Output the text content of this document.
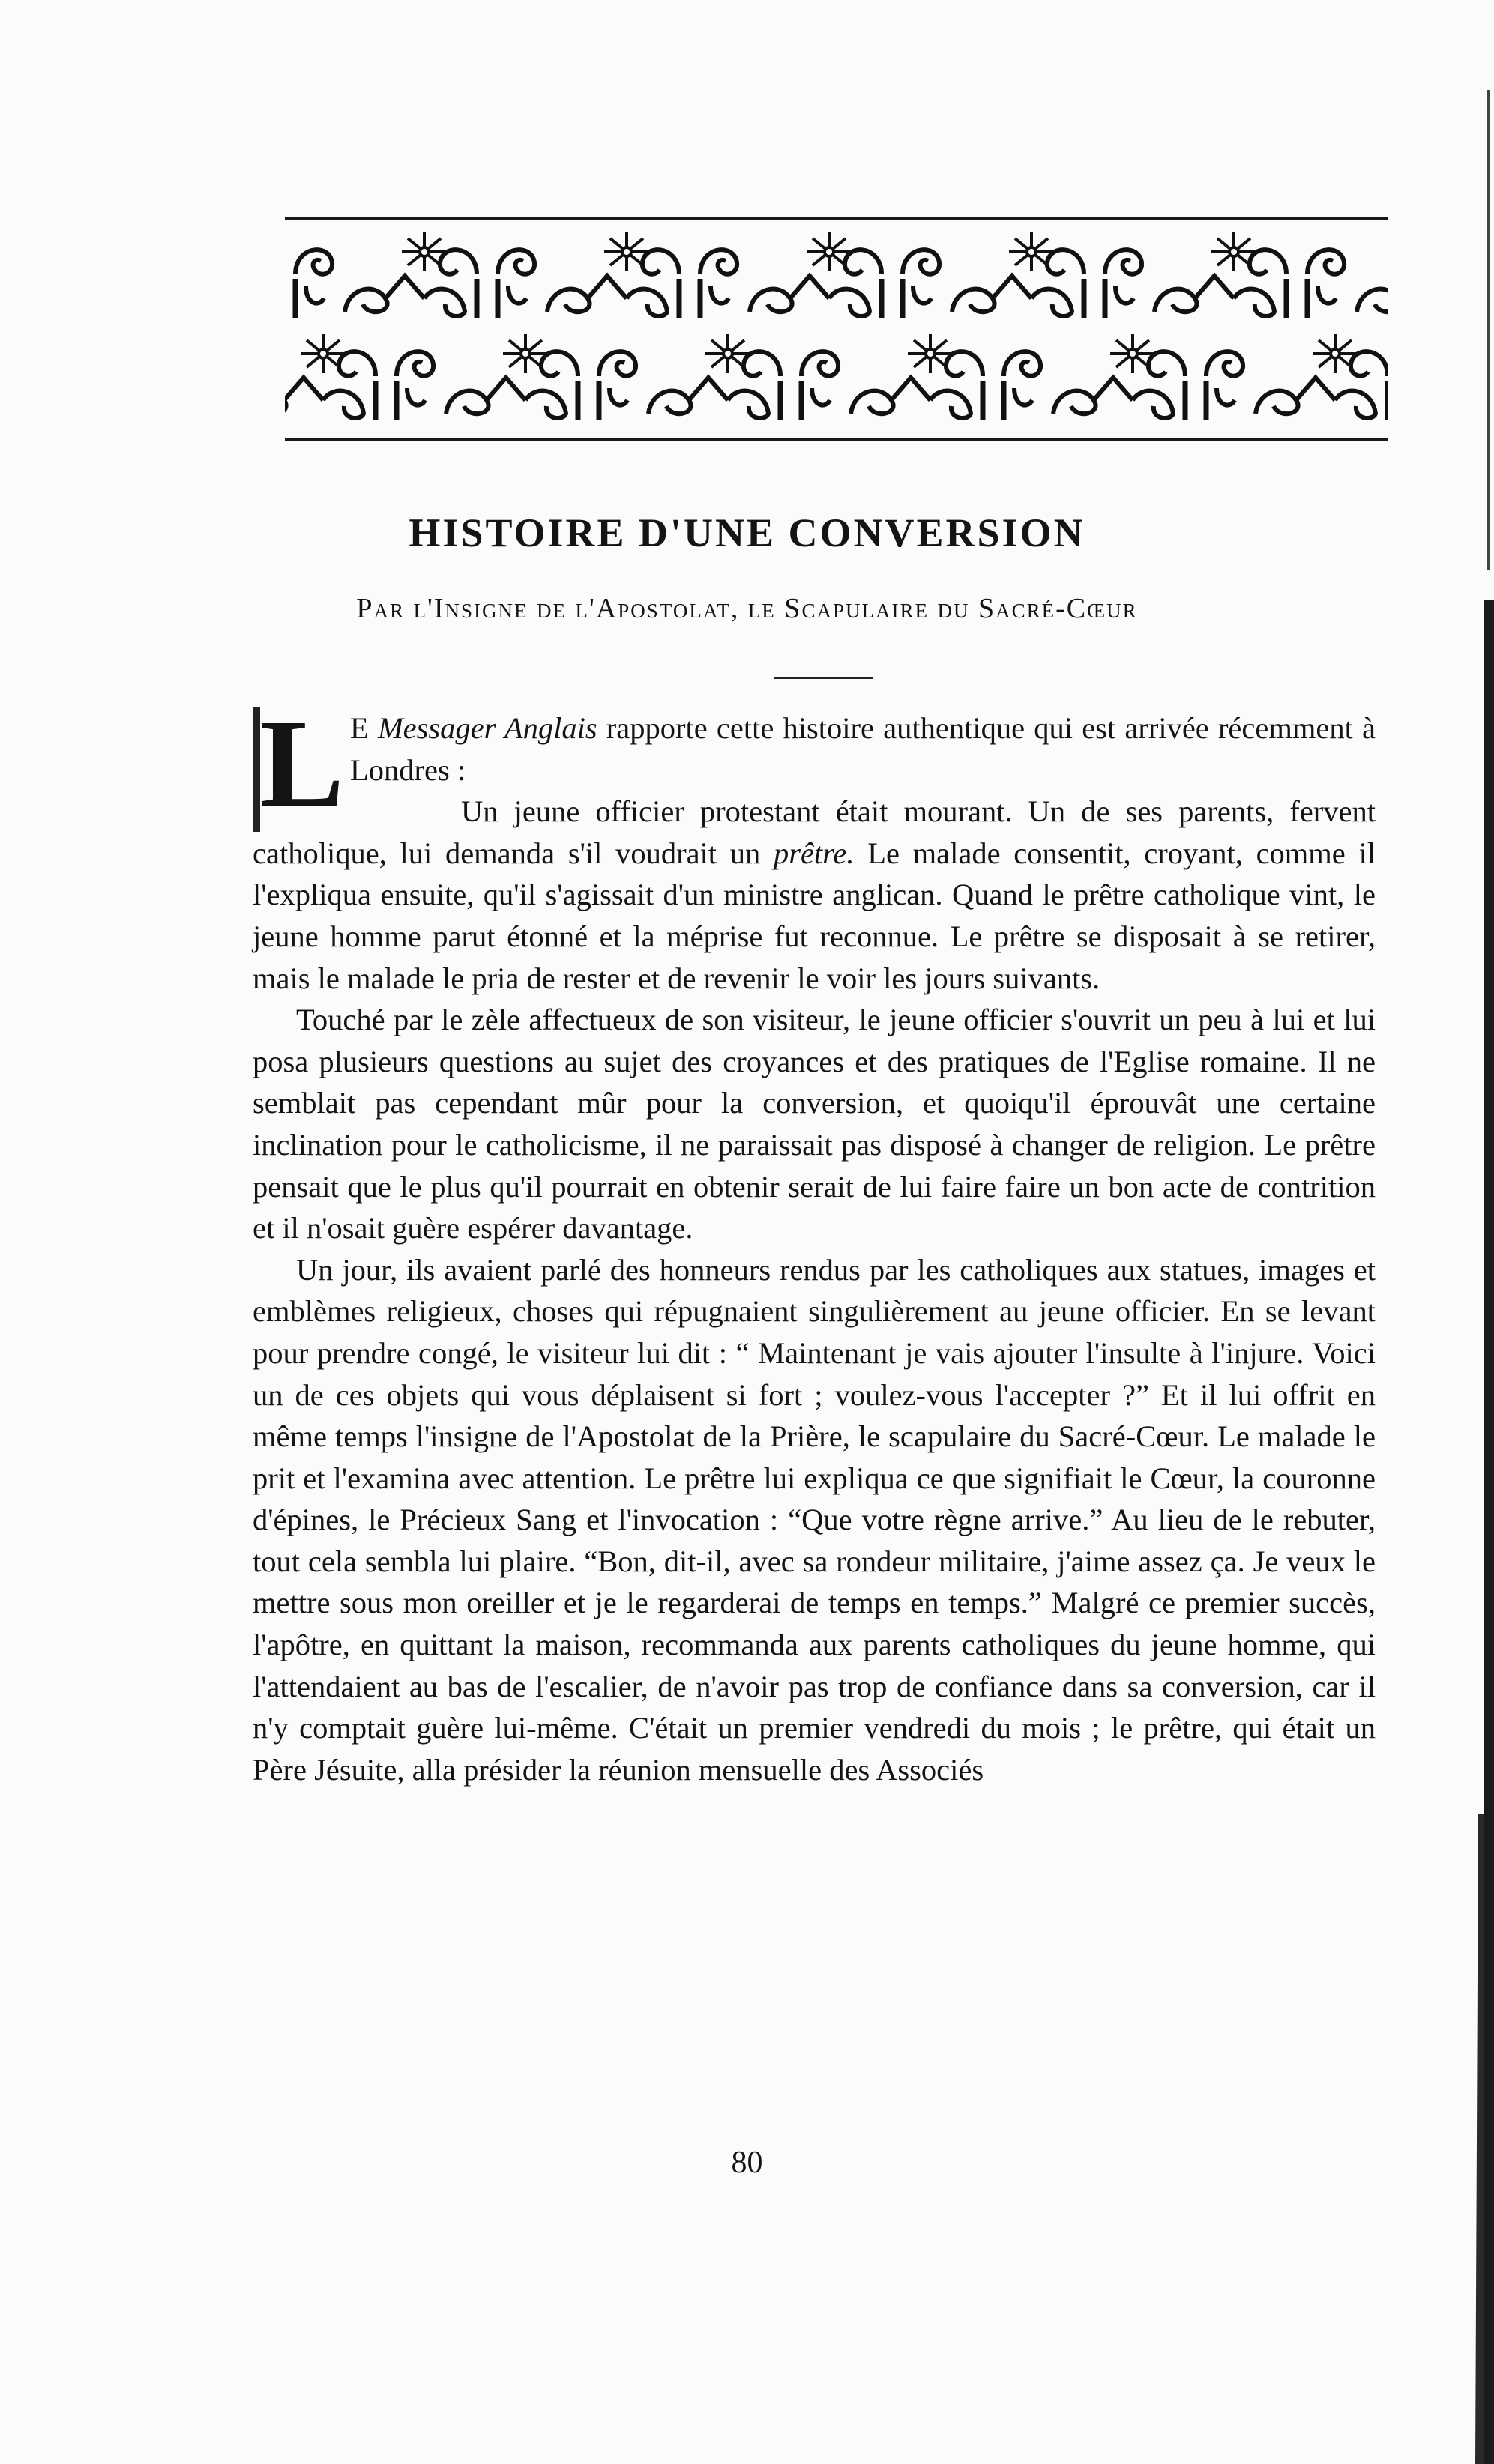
HISTOIRE D'UNE CONVERSION
Par l'Insigne de l'Apostolat, le Scapulaire du Sacré-Cœur

L E Messager Anglais rapporte cette histoire authentique qui est arrivée récemment à Londres :

Un jeune officier protestant était mourant. Un de ses parents, fervent catholique, lui demanda s'il voudrait un prêtre. Le malade consentit, croyant, comme il l'expliqua ensuite, qu'il s'agissait d'un ministre anglican. Quand le prêtre catholique vint, le jeune homme parut étonné et la méprise fut reconnue. Le prêtre se disposait à se retirer, mais le malade le pria de rester et de revenir le voir les jours suivants.

Touché par le zèle affectueux de son visiteur, le jeune officier s'ouvrit un peu à lui et lui posa plusieurs questions au sujet des croyances et des pratiques de l'Eglise romaine. Il ne semblait pas cependant mûr pour la conversion, et quoiqu'il éprouvât une certaine inclination pour le catholicisme, il ne paraissait pas disposé à changer de religion. Le prêtre pensait que le plus qu'il pourrait en obtenir serait de lui faire faire un bon acte de contrition et il n'osait guère espérer davantage.

Un jour, ils avaient parlé des honneurs rendus par les catholiques aux statues, images et emblèmes religieux, choses qui répugnaient singulièrement au jeune officier. En se levant pour prendre congé, le visiteur lui dit : “ Maintenant je vais ajouter l'insulte à l'injure. Voici un de ces objets qui vous déplaisent si fort ; voulez-vous l'accepter ?” Et il lui offrit en même temps l'insigne de l'Apostolat de la Prière, le scapulaire du Sacré-Cœur. Le malade le prit et l'examina avec attention. Le prêtre lui expliqua ce que signifiait le Cœur, la couronne d'épines, le Précieux Sang et l'invocation : “Que votre règne arrive.” Au lieu de le rebuter, tout cela sembla lui plaire. “Bon, dit-il, avec sa rondeur militaire, j'aime assez ça. Je veux le mettre sous mon oreiller et je le regarderai de temps en temps.” Malgré ce premier succès, l'apôtre, en quittant la maison, recommanda aux parents catholiques du jeune homme, qui l'attendaient au bas de l'escalier, de n'avoir pas trop de confiance dans sa conversion, car il n'y comptait guère lui-même. C'était un premier vendredi du mois ; le prêtre, qui était un Père Jésuite, alla présider la réunion mensuelle des Associés

80
